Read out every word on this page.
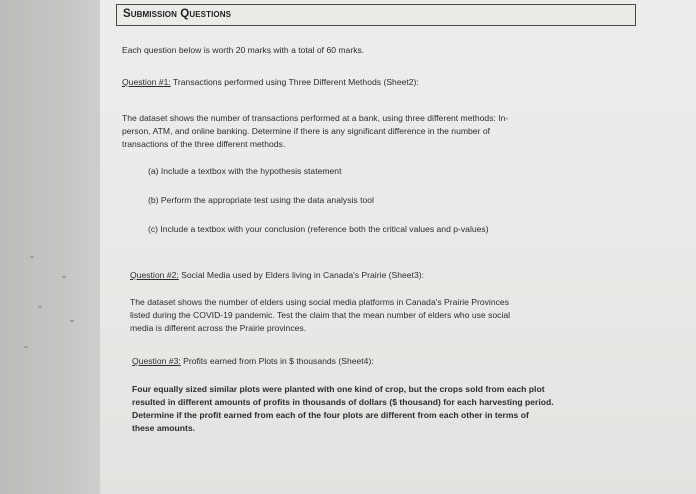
Submission Questions
Each question below is worth 20 marks with a total of 60 marks.
Question #1: Transactions performed using Three Different Methods (Sheet2):
The dataset shows the number of transactions performed at a bank, using three different methods: In-
person, ATM, and online banking. Determine if there is any significant difference in the number of
transactions of the three different methods.
(a) Include a textbox with the hypothesis statement
(b) Perform the appropriate test using the data analysis tool
(c) Include a textbox with your conclusion (reference both the critical values and p-values)
Question #2: Social Media used by Elders living in Canada's Prairie (Sheet3):
The dataset shows the number of elders using social media platforms in Canada's Prairie Provinces
listed during the COVID-19 pandemic. Test the claim that the mean number of elders who use social
media is different across the Prairie provinces.
Question #3: Profits earned from Plots in $ thousands (Sheet4):
Four equally sized similar plots were planted with one kind of crop, but the crops sold from each plot
resulted in different amounts of profits in thousands of dollars ($ thousand) for each harvesting period.
Determine if the profit earned from each of the four plots are different from each other in terms of
these amounts.
